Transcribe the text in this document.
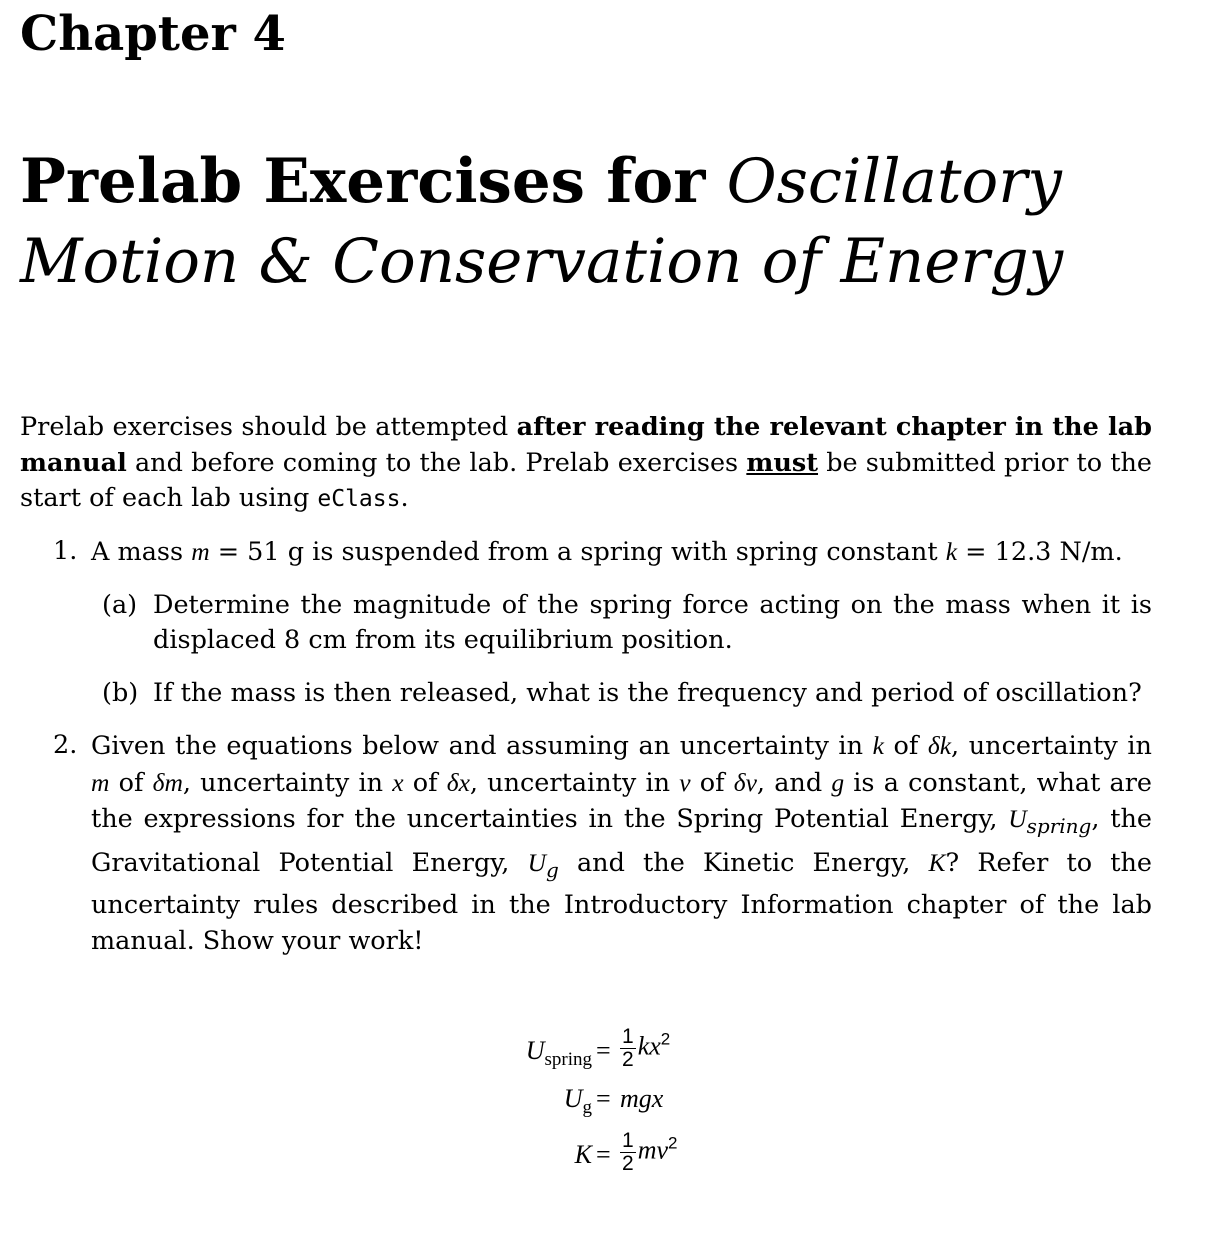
Chapter 4
Prelab Exercises for Oscillatory
Motion & Conservation of Energy
Prelab exercises should be attempted after reading the relevant chapter in the lab manual and before coming to the lab. Prelab exercises must be submitted prior to the start of each lab using eClass.
1. A mass m = 51 g is suspended from a spring with spring constant k = 12.3 N/m.
(a) Determine the magnitude of the spring force acting on the mass when it is displaced 8 cm from its equilibrium position.
(b) If the mass is then released, what is the frequency and period of oscillation?
2. Given the equations below and assuming an uncertainty in k of δk, uncertainty in m of δm, uncertainty in x of δx, uncertainty in v of δv, and g is a constant, what are the expressions for the uncertainties in the Spring Potential Energy, $U_{spring}$, the Gravitational Potential Energy, $U_g$ and the Kinetic Energy, K? Refer to the uncertainty rules described in the Introductory Information chapter of the lab manual. Show your work!
$U_{spring} = \frac{1}{2} kx^2$
$U_g$ = mgx
$K = \frac{1}{2} mv^2$
